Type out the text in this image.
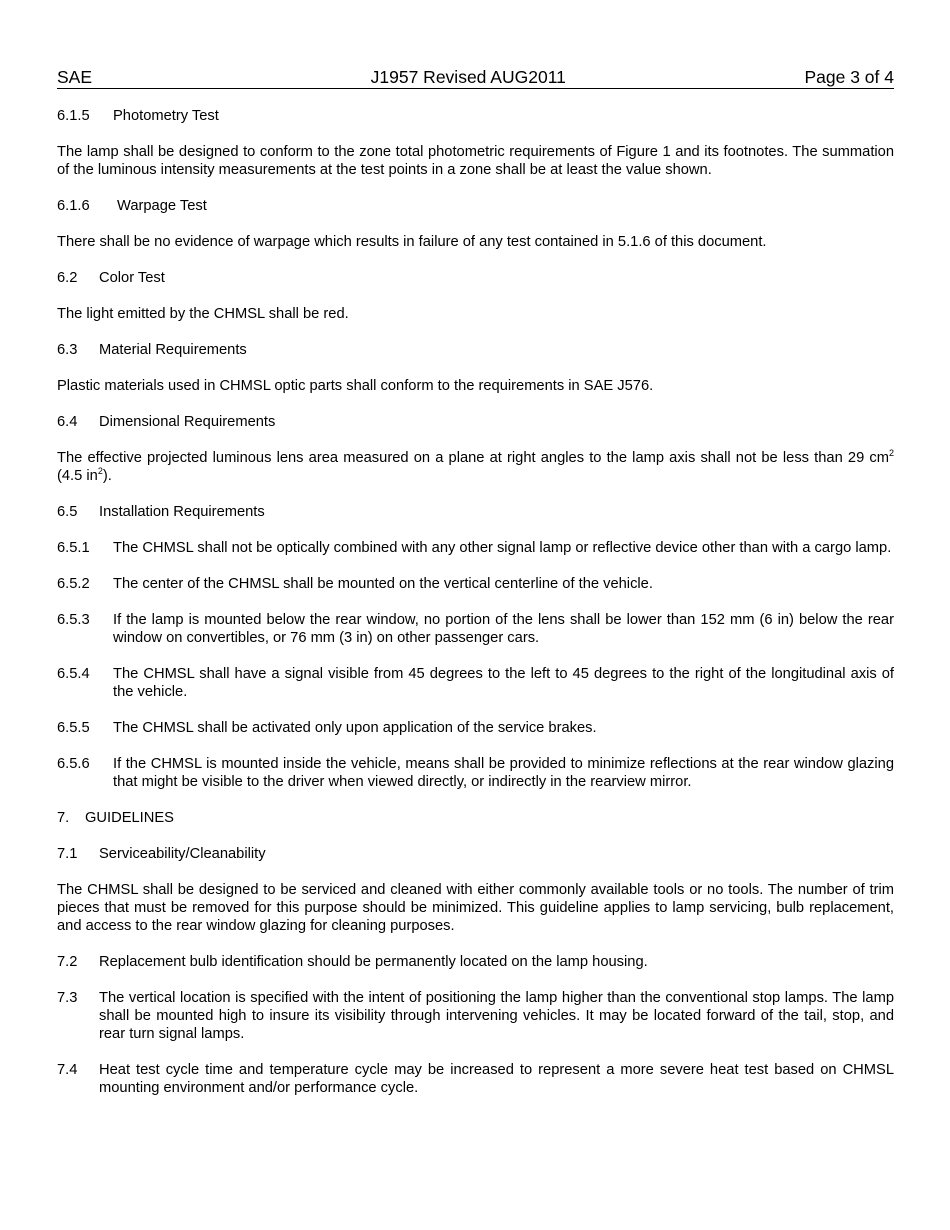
SAE	J1957 Revised AUG2011	Page 3 of 4
6.1.5	Photometry Test

The lamp shall be designed to conform to the zone total photometric requirements of Figure 1 and its footnotes. The summation of the luminous intensity measurements at the test points in a zone shall be at least the value shown.

6.1.6	Warpage Test

There shall be no evidence of warpage which results in failure of any test contained in 5.1.6 of this document.

6.2	Color Test

The light emitted by the CHMSL shall be red.

6.3	Material Requirements

Plastic materials used in CHMSL optic parts shall conform to the requirements in SAE J576.

6.4	Dimensional Requirements

The effective projected luminous lens area measured on a plane at right angles to the lamp axis shall not be less than 29 $cm^2$ (4.5 $in^2$).

6.5	Installation Requirements
6.5.1	The CHMSL shall not be optically combined with any other signal lamp or reflective device other than with a cargo lamp.
6.5.2	The center of the CHMSL shall be mounted on the vertical centerline of the vehicle.
6.5.3	If the lamp is mounted below the rear window, no portion of the lens shall be lower than 152 mm (6 in) below the rear window on convertibles, or 76 mm (3 in) on other passenger cars.
6.5.4	The CHMSL shall have a signal visible from 45 degrees to the left to 45 degrees to the right of the longitudinal axis of the vehicle.
6.5.5	The CHMSL shall be activated only upon application of the service brakes.
6.5.6	If the CHMSL is mounted inside the vehicle, means shall be provided to minimize reflections at the rear window glazing that might be visible to the driver when viewed directly, or indirectly in the rearview mirror.
7.	GUIDELINES
7.1	Serviceability/Cleanability

The CHMSL shall be designed to be serviced and cleaned with either commonly available tools or no tools. The number of trim pieces that must be removed for this purpose should be minimized. This guideline applies to lamp servicing, bulb replacement, and access to the rear window glazing for cleaning purposes.

7.2	Replacement bulb identification should be permanently located on the lamp housing.
7.3	The vertical location is specified with the intent of positioning the lamp higher than the conventional stop lamps. The lamp shall be mounted high to insure its visibility through intervening vehicles. It may be located forward of the tail, stop, and rear turn signal lamps.
7.4	Heat test cycle time and temperature cycle may be increased to represent a more severe heat test based on CHMSL mounting environment and/or performance cycle.
